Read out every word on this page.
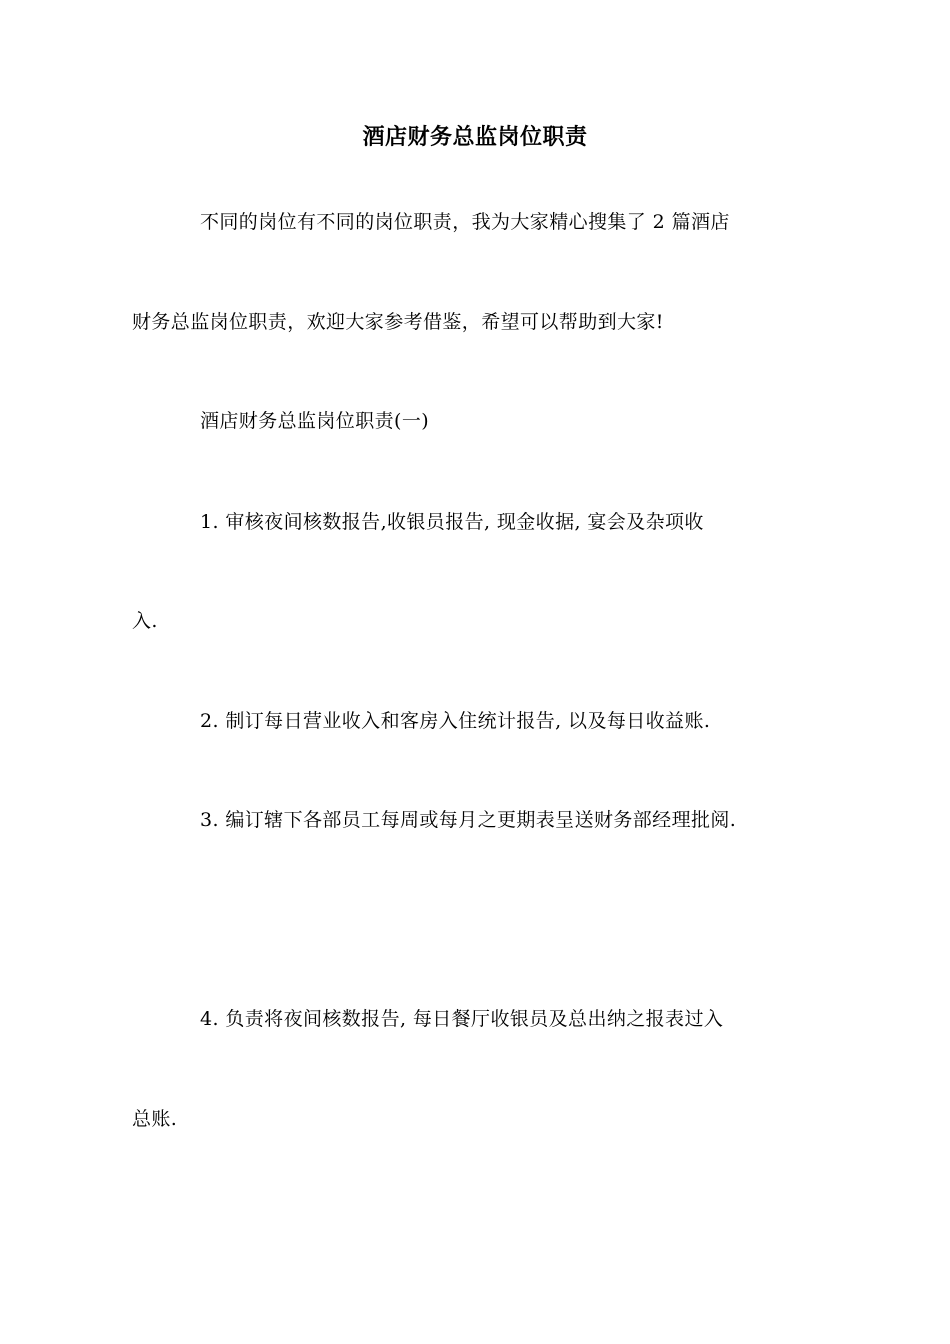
酒店财务总监岗位职责
不同的岗位有不同的岗位职责，我为大家精心搜集了 2 篇酒店
财务总监岗位职责，欢迎大家参考借鉴，希望可以帮助到大家!
酒店财务总监岗位职责(一)
1. 审核夜间核数报告,收银员报告, 现金收据, 宴会及杂项收
入.
2. 制订每日营业收入和客房入住统计报告, 以及每日收益账.
3. 编订辖下各部员工每周或每月之更期表呈送财务部经理批阅.
4. 负责将夜间核数报告, 每日餐厅收银员及总出纳之报表过入
总账.
